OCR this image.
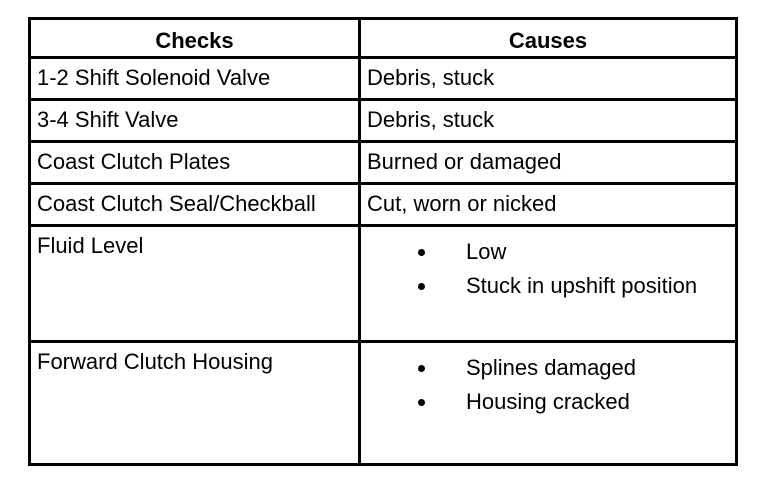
Checks	Causes
1-2 Shift Solenoid Valve	Debris, stuck
3-4 Shift Valve	Debris, stuck
Coast Clutch Plates	Burned or damaged
Coast Clutch Seal/Checkball	Cut, worn or nicked
Fluid Level	Low
Stuck in upshift position
Forward Clutch Housing	Splines damaged
Housing cracked
